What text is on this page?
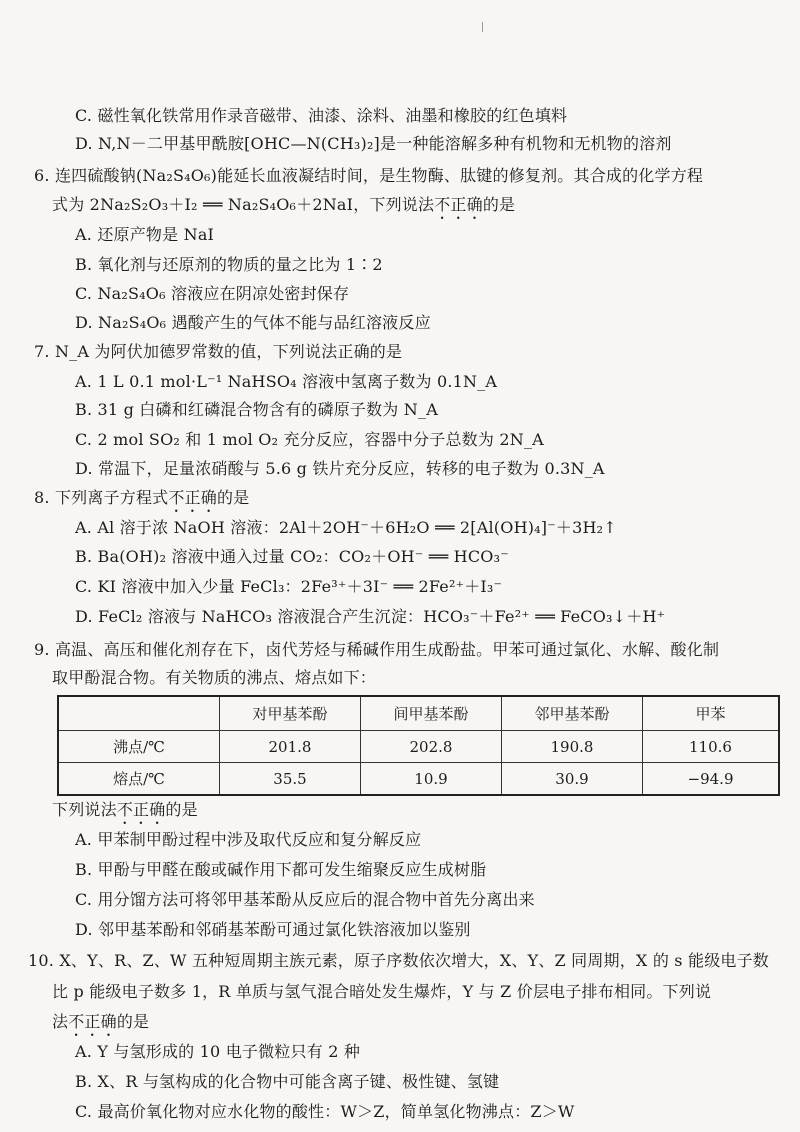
C. 磁性氧化铁常用作录音磁带、油漆、涂料、油墨和橡胶的红色填料
D. N,N－二甲基甲酰胺[OHC—N(CH₃)₂]是一种能溶解多种有机物和无机物的溶剂
6. 连四硫酸钠(Na₂S₄O₆)能延长血液凝结时间，是生物酶、肽键的修复剂。其合成的化学方程
式为 2Na₂S₂O₃＋I₂ ══ Na₂S₄O₆＋2NaI，下列说法不正确的是
A. 还原产物是 NaI
B. 氧化剂与还原剂的物质的量之比为 1∶2
C. Na₂S₄O₆ 溶液应在阴凉处密封保存
D. Na₂S₄O₆ 遇酸产生的气体不能与品红溶液反应
7. N_A 为阿伏加德罗常数的值，下列说法正确的是
A. 1 L 0.1 mol·L⁻¹ NaHSO₄ 溶液中氢离子数为 0.1N_A
B. 31 g 白磷和红磷混合物含有的磷原子数为 N_A
C. 2 mol SO₂ 和 1 mol O₂ 充分反应，容器中分子总数为 2N_A
D. 常温下，足量浓硝酸与 5.6 g 铁片充分反应，转移的电子数为 0.3N_A
8. 下列离子方程式不正确的是
A. Al 溶于浓 NaOH 溶液：2Al＋2OH⁻＋6H₂O ══ 2[Al(OH)₄]⁻＋3H₂↑
B. Ba(OH)₂ 溶液中通入过量 CO₂：CO₂＋OH⁻ ══ HCO₃⁻
C. KI 溶液中加入少量 FeCl₃：2Fe³⁺＋3I⁻ ══ 2Fe²⁺＋I₃⁻
D. FeCl₂ 溶液与 NaHCO₃ 溶液混合产生沉淀：HCO₃⁻＋Fe²⁺ ══ FeCO₃↓＋H⁺
9. 高温、高压和催化剂存在下，卤代芳烃与稀碱作用生成酚盐。甲苯可通过氯化、水解、酸化制
取甲酚混合物。有关物质的沸点、熔点如下：
	对甲基苯酚	间甲基苯酚	邻甲基苯酚	甲苯
沸点/℃	201.8	202.8	190.8	110.6
熔点/℃	35.5	10.9	30.9	−94.9
下列说法不正确的是
A. 甲苯制甲酚过程中涉及取代反应和复分解反应
B. 甲酚与甲醛在酸或碱作用下都可发生缩聚反应生成树脂
C. 用分馏方法可将邻甲基苯酚从反应后的混合物中首先分离出来
D. 邻甲基苯酚和邻硝基苯酚可通过氯化铁溶液加以鉴别
10. X、Y、R、Z、W 五种短周期主族元素，原子序数依次增大，X、Y、Z 同周期，X 的 s 能级电子数
比 p 能级电子数多 1，R 单质与氢气混合暗处发生爆炸，Y 与 Z 价层电子排布相同。下列说
法不正确的是
A. Y 与氢形成的 10 电子微粒只有 2 种
B. X、R 与氢构成的化合物中可能含离子键、极性键、氢键
C. 最高价氧化物对应水化物的酸性：W＞Z，简单氢化物沸点：Z＞W
